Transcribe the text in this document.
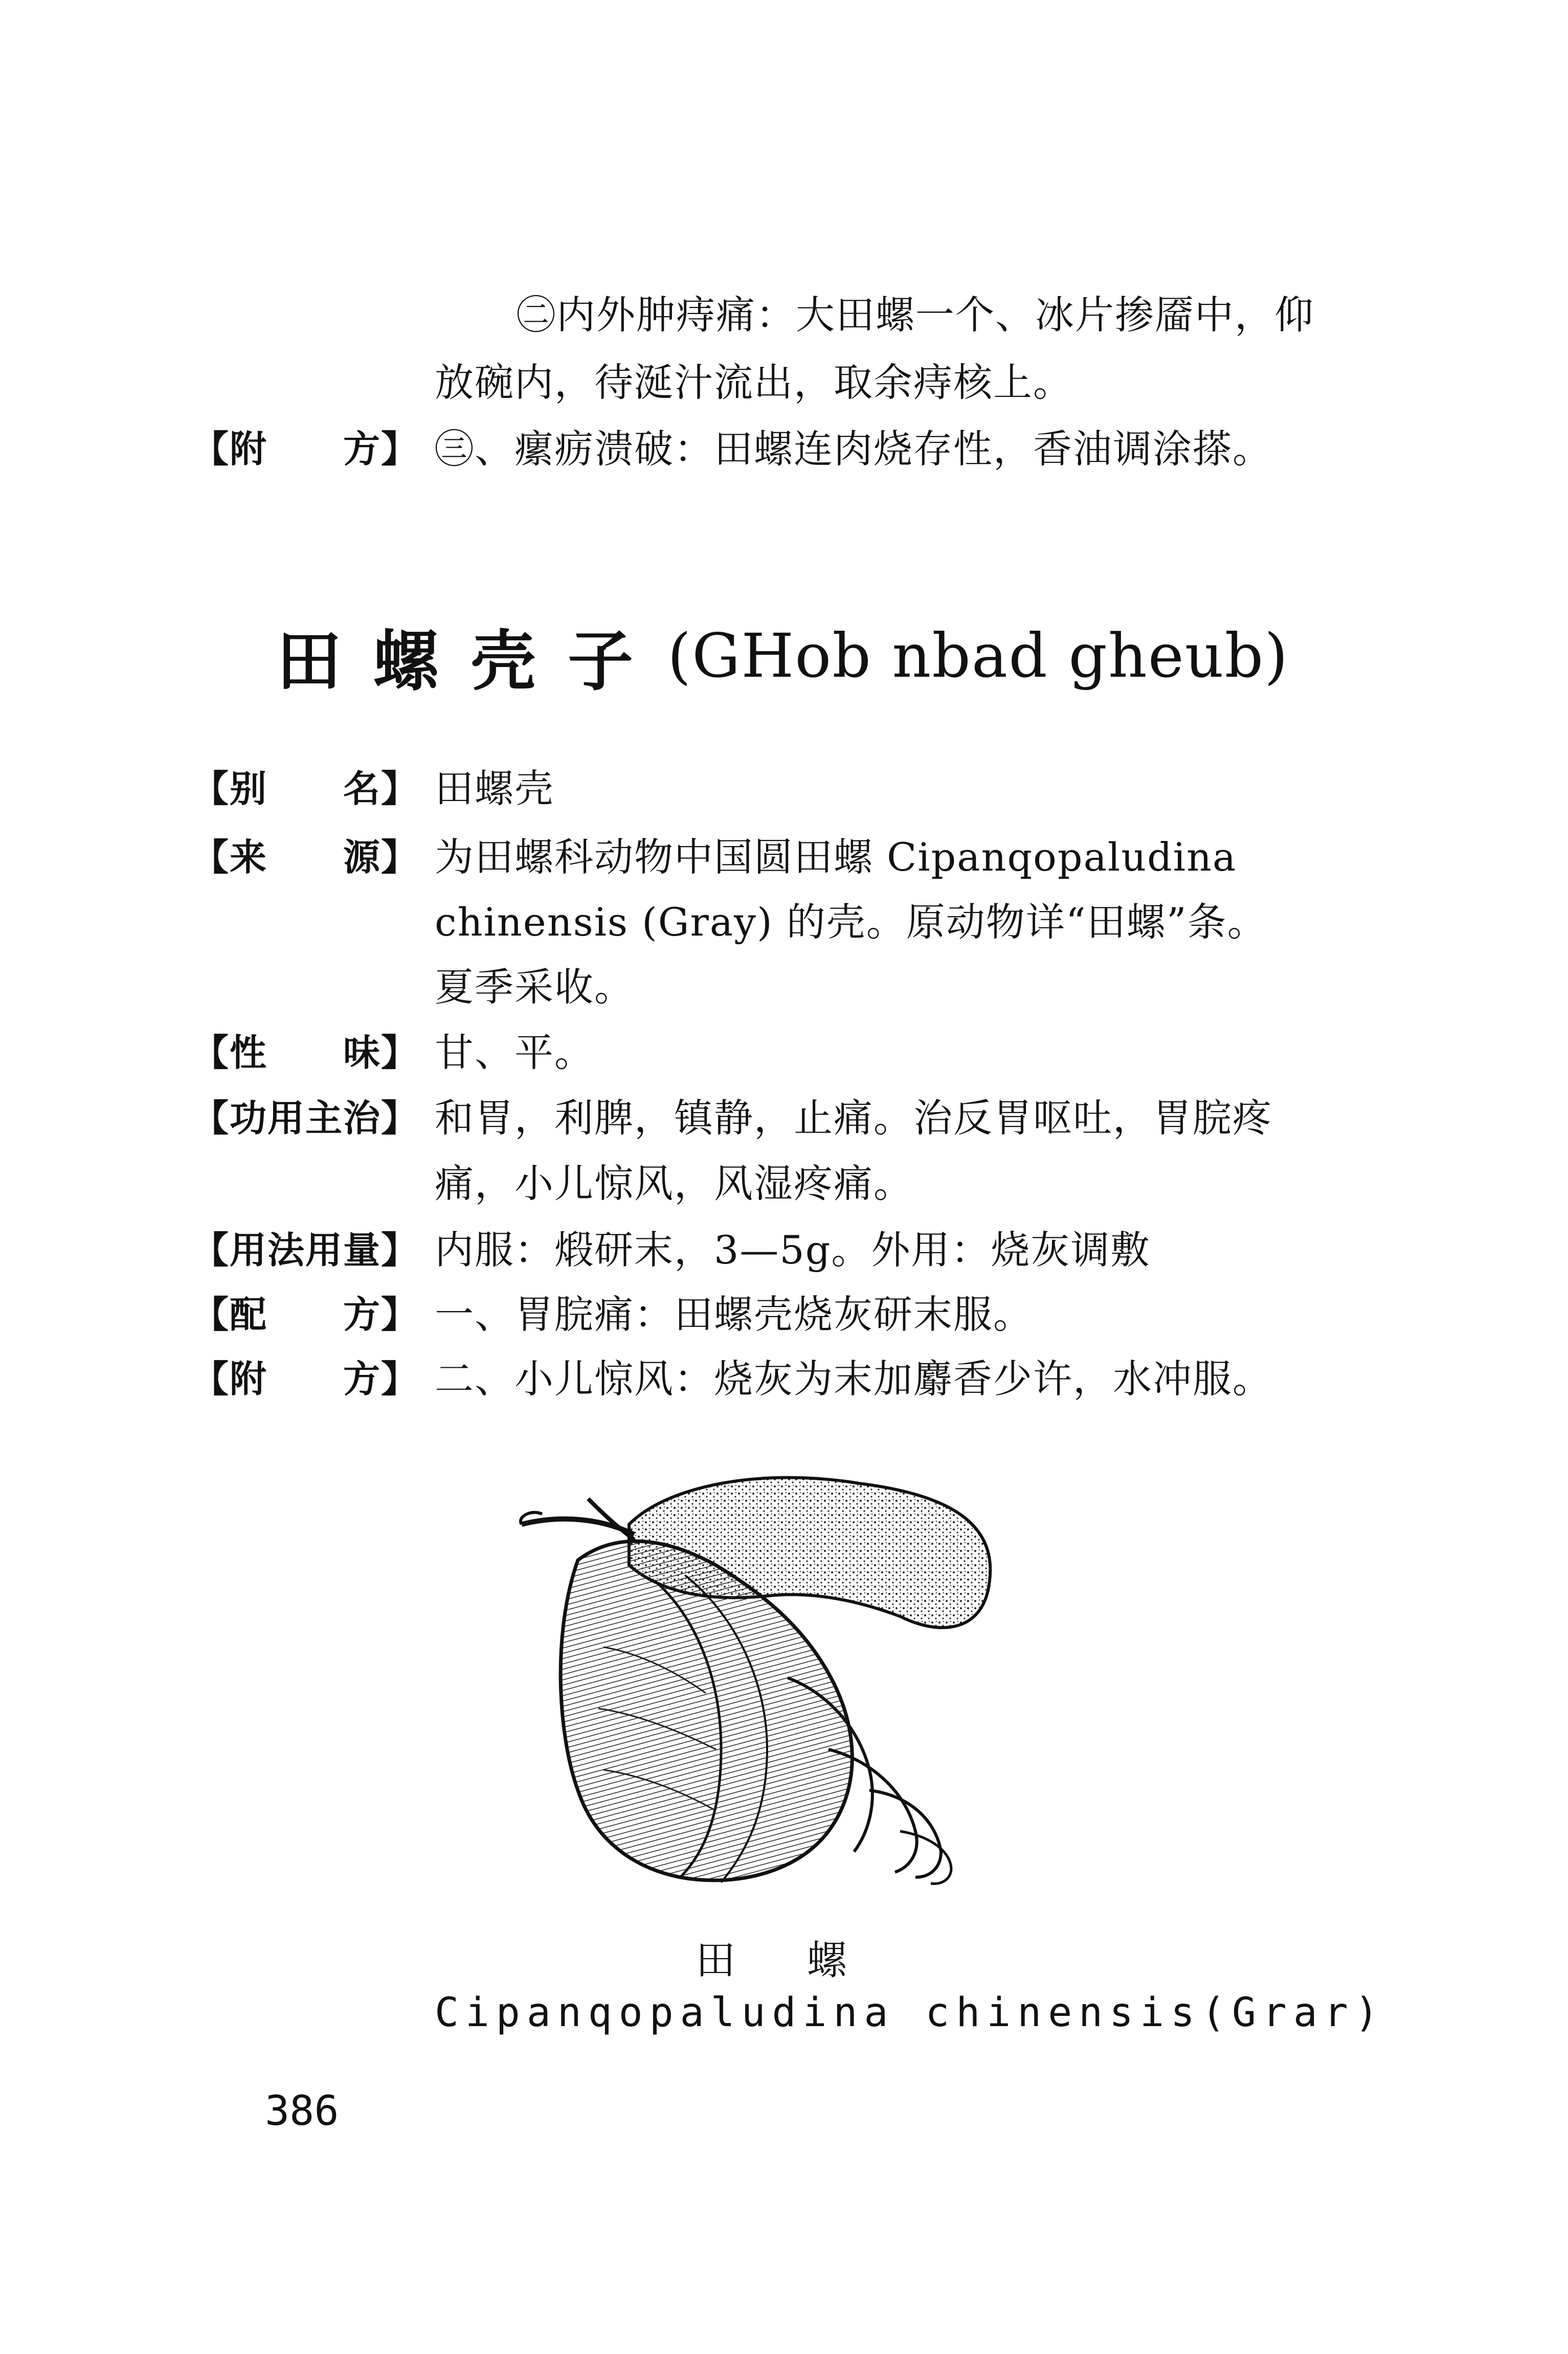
㊁内外肿痔痛：大田螺一个、冰片掺靥中，仰
放碗内，待涎汁流出，取余痔核上。
【附　　方】 ㊂、瘰疬溃破：田螺连肉烧存性，香油调涂搽。
田螺壳子 (GHob nbad gheub)
【别　　名】 田螺壳
【来　　源】 为田螺科动物中国圆田螺 Cipanqopaludina
chinensis (Gray) 的壳。原动物详“田螺”条。
夏季采收。
【性　　味】 甘、平。
【功用主治】 和胃，利脾，镇静，止痛。治反胃呕吐，胃脘疼
痛，小儿惊风，风湿疼痛。
【用法用量】 内服：煅研末，3—5g。外用：烧灰调敷
【配　　方】 一、胃脘痛：田螺壳烧灰研末服。
【附　　方】 二、小儿惊风：烧灰为末加麝香少许，水冲服。
田螺
Cipanqopaludina chinensis(Grar)
386
